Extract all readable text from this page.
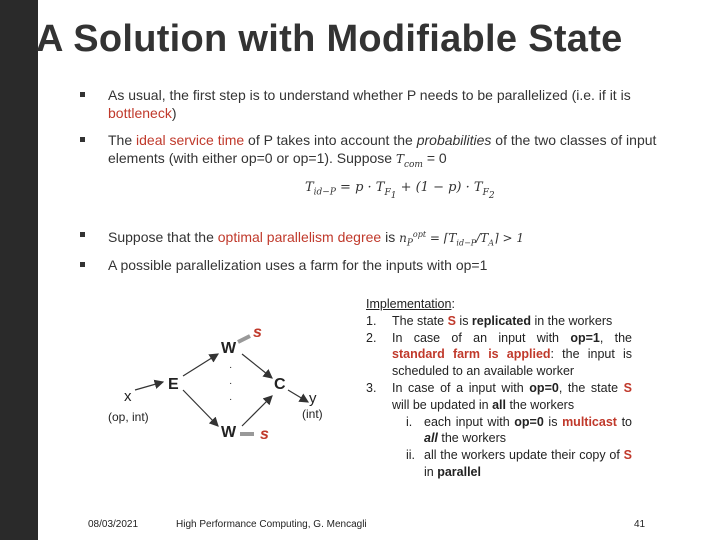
A Solution with Modifiable State
As usual, the first step is to understand whether P needs to be parallelized (i.e. if it is bottleneck)
The ideal service time of P takes into account the probabilities of the two classes of input elements (with either op=0 or op=1). Suppose $T_{com} = 0$
$T_{id-P} = p \cdot T_{F_1} + (1 - p) \cdot T_{F_2}$
Suppose that the optimal parallelism degree is $n_P^{opt}$ = $⌈T_{id-P}/T_A⌉ > 1$
A possible parallelization uses a farm for the inputs with op=1
W
s
E	C
W s
·
·
·
x
(op, int)
y
(int)
Implementation:
1.	The state S is replicated in the workers
2.	In case of an input with op=1, the standard farm is applied: the input is scheduled to an available worker
3.	In case of a input with op=0, the state S will be updated in all the workers
i. each input with op=0 is multicast to all the workers
ii. all the workers update their copy of S in parallel
08/03/2021	High Performance Computing, G. Mencagli	41
